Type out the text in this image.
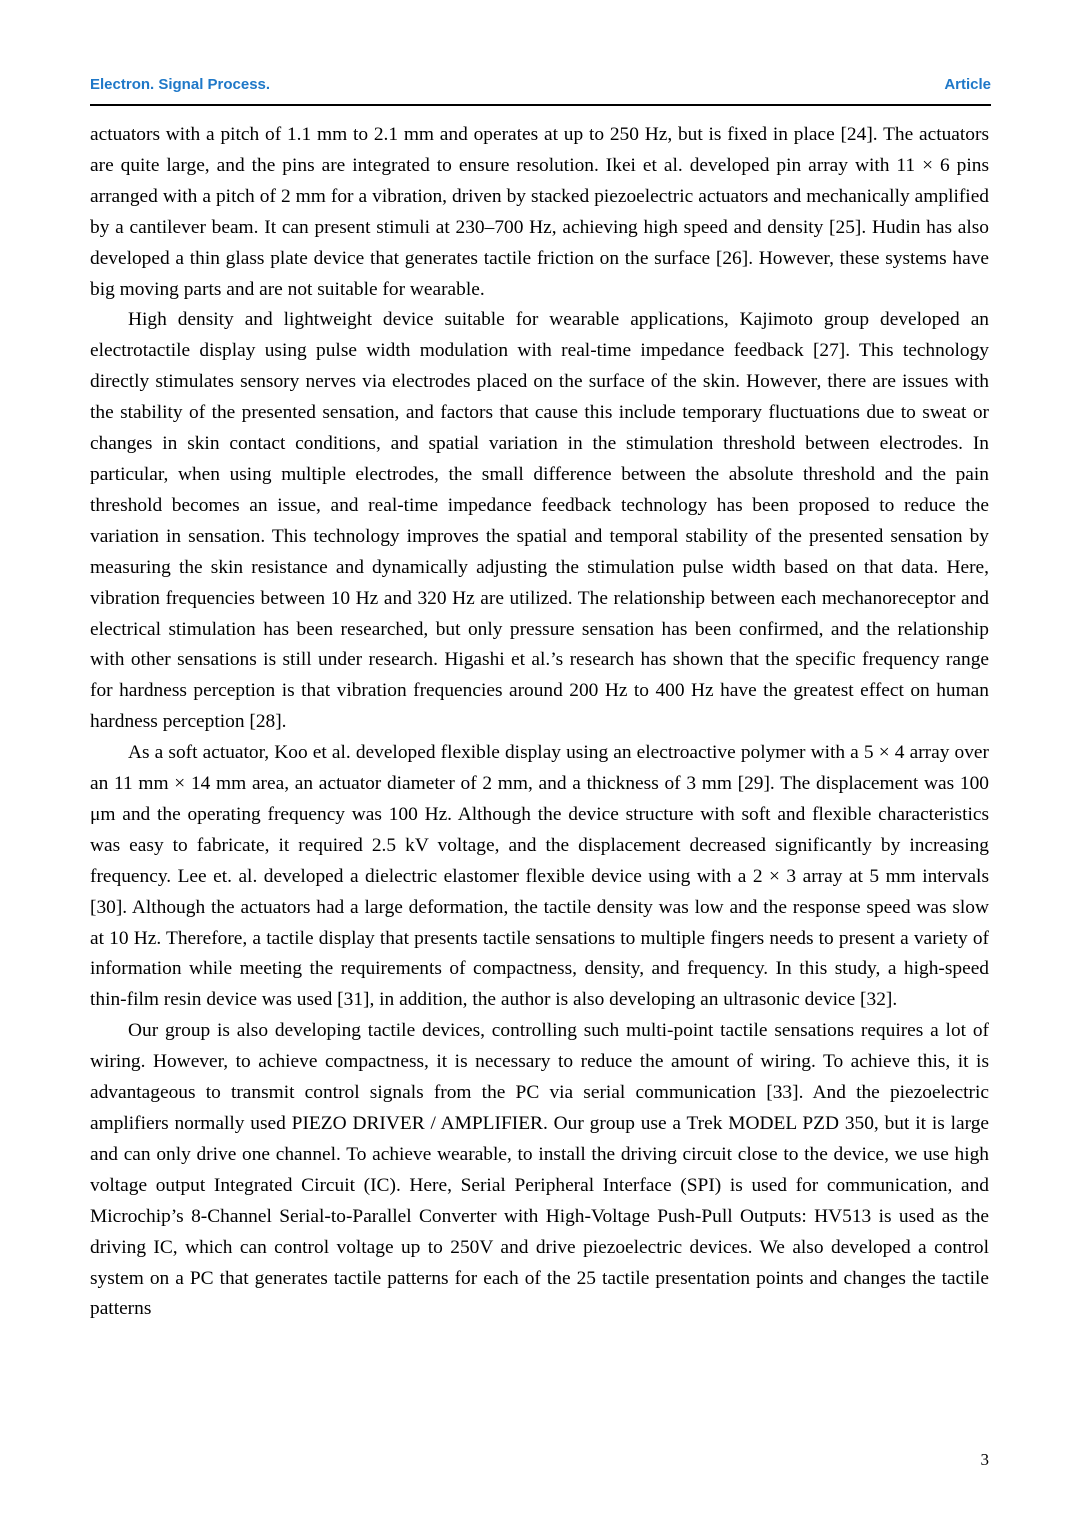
Electron. Signal Process.	Article

actuators with a pitch of 1.1 mm to 2.1 mm and operates at up to 250 Hz, but is fixed in place [24]. The actuators are quite large, and the pins are integrated to ensure resolution. Ikei et al. developed pin array with 11 × 6 pins arranged with a pitch of 2 mm for a vibration, driven by stacked piezoelectric actuators and mechanically amplified by a cantilever beam. It can present stimuli at 230–700 Hz, achieving high speed and density [25]. Hudin has also developed a thin glass plate device that generates tactile friction on the surface [26]. However, these systems have big moving parts and are not suitable for wearable.

High density and lightweight device suitable for wearable applications, Kajimoto group developed an electrotactile display using pulse width modulation with real-time impedance feedback [27]. This technology directly stimulates sensory nerves via electrodes placed on the surface of the skin. However, there are issues with the stability of the presented sensation, and factors that cause this include temporary fluctuations due to sweat or changes in skin contact conditions, and spatial variation in the stimulation threshold between electrodes. In particular, when using multiple electrodes, the small difference between the absolute threshold and the pain threshold becomes an issue, and real-time impedance feedback technology has been proposed to reduce the variation in sensation. This technology improves the spatial and temporal stability of the presented sensation by measuring the skin resistance and dynamically adjusting the stimulation pulse width based on that data. Here, vibration frequencies between 10 Hz and 320 Hz are utilized. The relationship between each mechanoreceptor and electrical stimulation has been researched, but only pressure sensation has been confirmed, and the relationship with other sensations is still under research. Higashi et al.’s research has shown that the specific frequency range for hardness perception is that vibration frequencies around 200 Hz to 400 Hz have the greatest effect on human hardness perception [28].

As a soft actuator, Koo et al. developed flexible display using an electroactive polymer with a 5 × 4 array over an 11 mm × 14 mm area, an actuator diameter of 2 mm, and a thickness of 3 mm [29]. The displacement was 100 μm and the operating frequency was 100 Hz. Although the device structure with soft and flexible characteristics was easy to fabricate, it required 2.5 kV voltage, and the displacement decreased significantly by increasing frequency. Lee et. al. developed a dielectric elastomer flexible device using with a 2 × 3 array at 5 mm intervals [30]. Although the actuators had a large deformation, the tactile density was low and the response speed was slow at 10 Hz. Therefore, a tactile display that presents tactile sensations to multiple fingers needs to present a variety of information while meeting the requirements of compactness, density, and frequency. In this study, a high-speed thin-film resin device was used [31], in addition, the author is also developing an ultrasonic device [32].

Our group is also developing tactile devices, controlling such multi-point tactile sensations requires a lot of wiring. However, to achieve compactness, it is necessary to reduce the amount of wiring. To achieve this, it is advantageous to transmit control signals from the PC via serial communication [33]. And the piezoelectric amplifiers normally used PIEZO DRIVER / AMPLIFIER. Our group use a Trek MODEL PZD 350, but it is large and can only drive one channel. To achieve wearable, to install the driving circuit close to the device, we use high voltage output Integrated Circuit (IC). Here, Serial Peripheral Interface (SPI) is used for communication, and Microchip’s 8-Channel Serial-to-Parallel Converter with High-Voltage Push-Pull Outputs: HV513 is used as the driving IC, which can control voltage up to 250V and drive piezoelectric devices. We also developed a control system on a PC that generates tactile patterns for each of the 25 tactile presentation points and changes the tactile patterns

3
